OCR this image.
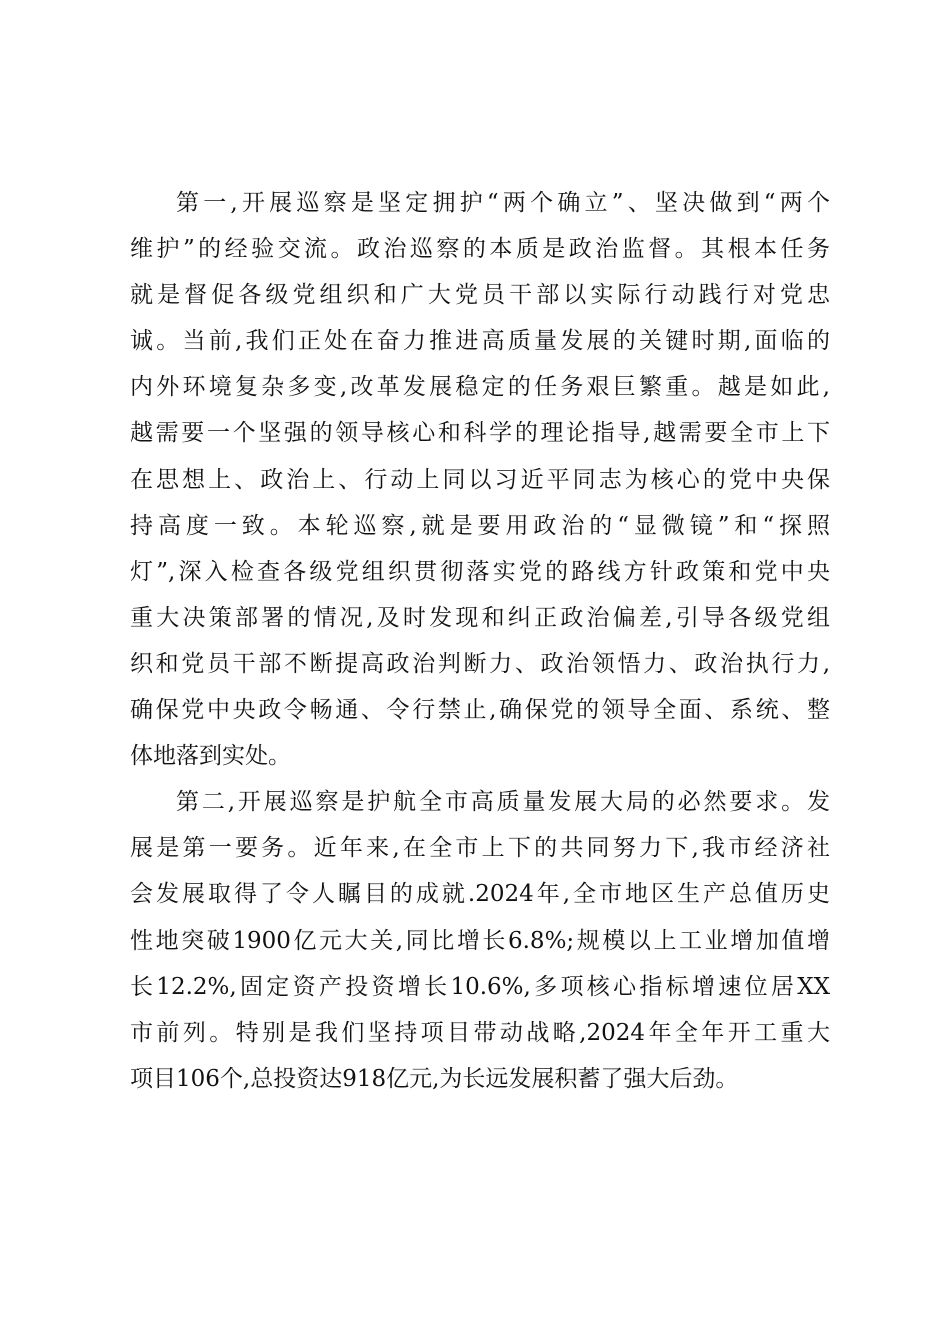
第一,开展巡察是坚定拥护“两个确立”、坚决做到“两个
维护”的经验交流。政治巡察的本质是政治监督。其根本任务
就是督促各级党组织和广大党员干部以实际行动践行对党忠
诚。当前,我们正处在奋力推进高质量发展的关键时期,面临的
内外环境复杂多变,改革发展稳定的任务艰巨繁重。越是如此,
越需要一个坚强的领导核心和科学的理论指导,越需要全市上下
在思想上、政治上、行动上同以习近平同志为核心的党中央保
持高度一致。本轮巡察,就是要用政治的“显微镜”和“探照
灯”,深入检查各级党组织贯彻落实党的路线方针政策和党中央
重大决策部署的情况,及时发现和纠正政治偏差,引导各级党组
织和党员干部不断提高政治判断力、政治领悟力、政治执行力,
确保党中央政令畅通、令行禁止,确保党的领导全面、系统、整
体地落到实处。
第二,开展巡察是护航全市高质量发展大局的必然要求。发
展是第一要务。近年来,在全市上下的共同努力下,我市经济社
会发展取得了令人瞩目的成就.2024年,全市地区生产总值历史
性地突破1900亿元大关,同比增长6.8%;规模以上工业增加值增
长12.2%,固定资产投资增长10.6%,多项核心指标增速位居XX
市前列。特别是我们坚持项目带动战略,2024年全年开工重大
项目106个,总投资达918亿元,为长远发展积蓄了强大后劲。
